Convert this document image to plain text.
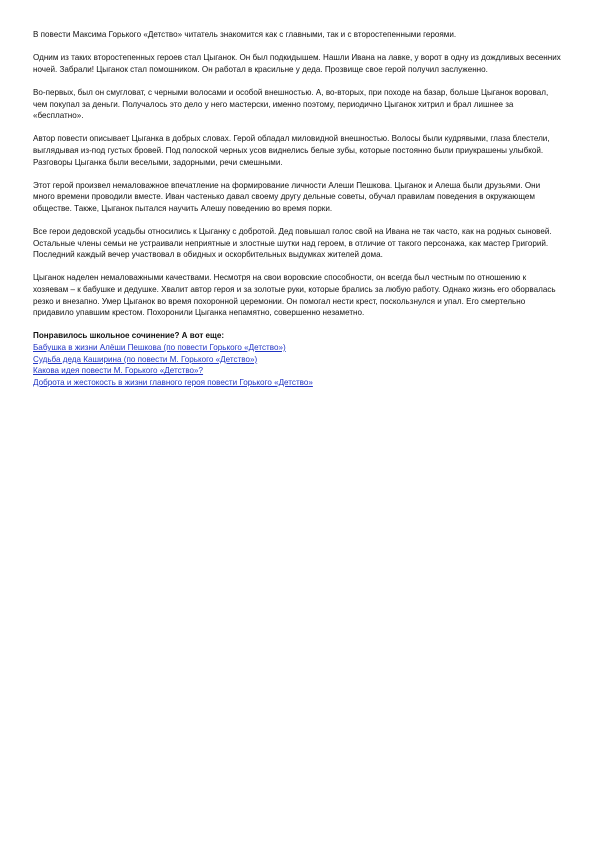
В повести Максима Горького «Детство» читатель знакомится как с главными, так и с второстепенными героями.

Одним из таких второстепенных героев стал Цыганок. Он был подкидышем. Нашли Ивана на лавке, у ворот в одну из дождливых весенних ночей. Забрали! Цыганок стал помошником. Он работал в красильне у деда. Прозвище свое герой получил заслуженно.

Во-первых, был он смугловат, с черными волосами и особой внешностью. А, во-вторых, при походе на базар, больше Цыганок воровал, чем покупал за деньги. Получалось это дело у него мастерски, именно поэтому, периодично Цыганок хитрил и брал лишнее за «бесплатно».

Автор повести описывает Цыганка в добрых словах. Герой обладал миловидной внешностью. Волосы были кудрявыми, глаза блестели, выглядывая из-под густых бровей. Под полоской черных усов виднелись белые зубы, которые постоянно были приукрашены улыбкой. Разговоры Цыганка были веселыми, задорными, речи смешными.

Этот герой произвел немаловажное впечатление на формирование личности Алеши Пешкова. Цыганок и Алеша были друзьями. Они много времени проводили вместе. Иван частенько давал своему другу дельные советы, обучал правилам поведения в окружающем обществе. Также, Цыганок пытался научить Алешу поведению во время порки.

Все герои дедовской усадьбы относились к Цыганку с добротой. Дед повышал голос свой на Ивана не так часто, как на родных сыновей. Остальные члены семьи не устраивали неприятные и злостные шутки над героем, в отличие от такого персонажа, как мастер Григорий. Последний каждый вечер участвовал в обидных и оскорбительных выдумках жителей дома.

Цыганок наделен немаловажными качествами. Несмотря на свои воровские способности, он всегда был честным по отношению к хозяевам – к бабушке и дедушке. Хвалит автор героя и за золотые руки, которые брались за любую работу. Однако жизнь его оборвалась резко и внезапно. Умер Цыганок во время похоронной церемонии. Он помогал нести крест, поскользнулся и упал. Его смертельно придавило упавшим крестом. Похоронили Цыганка непамятно, совершенно незаметно.

Понравилось школьное сочинение? А вот еще:

Бабушка в жизни Алёши Пешкова (по повести Горького «Детство»)
Судьба деда Каширина (по повести М. Горького «Детство»)
Какова идея повести М. Горького «Детство»?
Доброта и жестокость в жизни главного героя повести Горького «Детство»
